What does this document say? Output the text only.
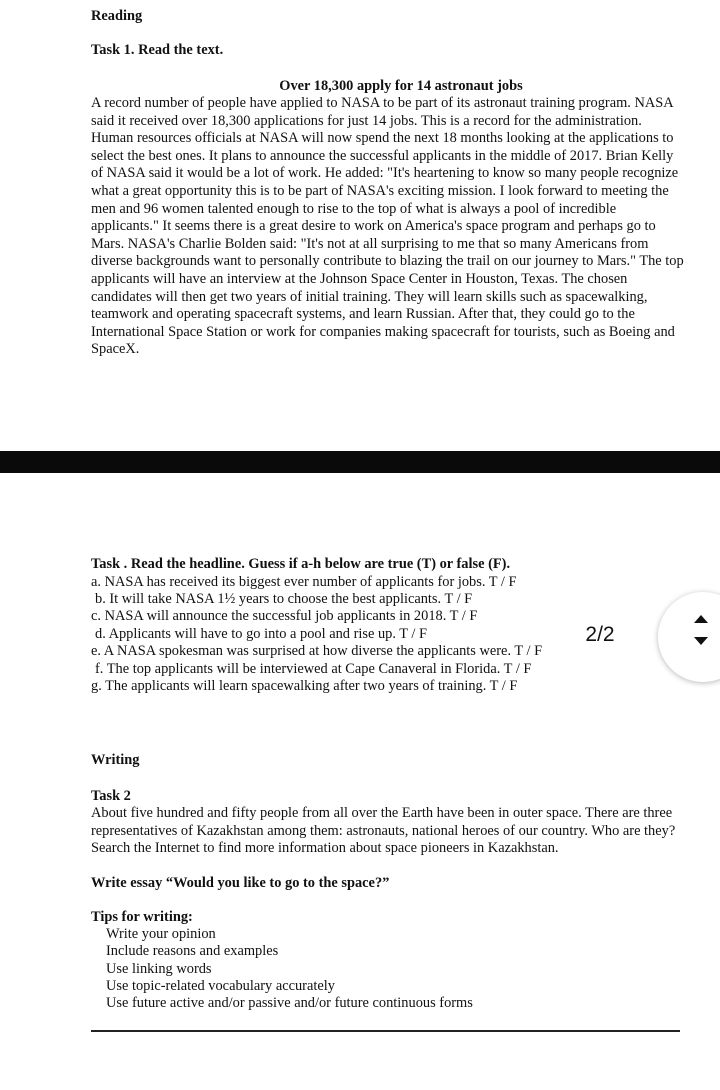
Reading
Task 1. Read the text.
Over 18,300 apply for 14 astronaut jobs
A record number of people have applied to NASA to be part of its astronaut training program. NASA said it received over 18,300 applications for just 14 jobs. This is a record for the administration. Human resources officials at NASA will now spend the next 18 months looking at the applications to select the best ones. It plans to announce the successful applicants in the middle of 2017. Brian Kelly of NASA said it would be a lot of work. He added: "It's heartening to know so many people recognize what a great opportunity this is to be part of NASA's exciting mission. I look forward to meeting the men and 96 women talented enough to rise to the top of what is always a pool of incredible applicants." It seems there is a great desire to work on America's space program and perhaps go to Mars. NASA's Charlie Bolden said: "It's not at all surprising to me that so many Americans from diverse backgrounds want to personally contribute to blazing the trail on our journey to Mars." The top applicants will have an interview at the Johnson Space Center in Houston, Texas. The chosen candidates will then get two years of initial training. They will learn skills such as spacewalking, teamwork and operating spacecraft systems, and learn Russian. After that, they could go to the International Space Station or work for companies making spacecraft for tourists, such as Boeing and SpaceX.
Task . Read the headline. Guess if a-h below are true (T) or false (F).
a. NASA has received its biggest ever number of applicants for jobs. T / F
b. It will take NASA 1½ years to choose the best applicants. T / F
c. NASA will announce the successful job applicants in 2018. T / F
d. Applicants will have to go into a pool and rise up. T / F
e. A NASA spokesman was surprised at how diverse the applicants were. T / F
f. The top applicants will be interviewed at Cape Canaveral in Florida. T / F
g. The applicants will learn spacewalking after two years of training. T / F
2/2
Writing
Task 2
About five hundred and fifty people from all over the Earth have been in outer space. There are three representatives of Kazakhstan among them: astronauts, national heroes of our country. Who are they? Search the Internet to find more information about space pioneers in Kazakhstan.
Write essay “Would you like to go to the space?”
Tips for writing:
Write your opinion
Include reasons and examples
Use linking words
Use topic-related vocabulary accurately
Use future active and/or passive and/or future continuous forms
